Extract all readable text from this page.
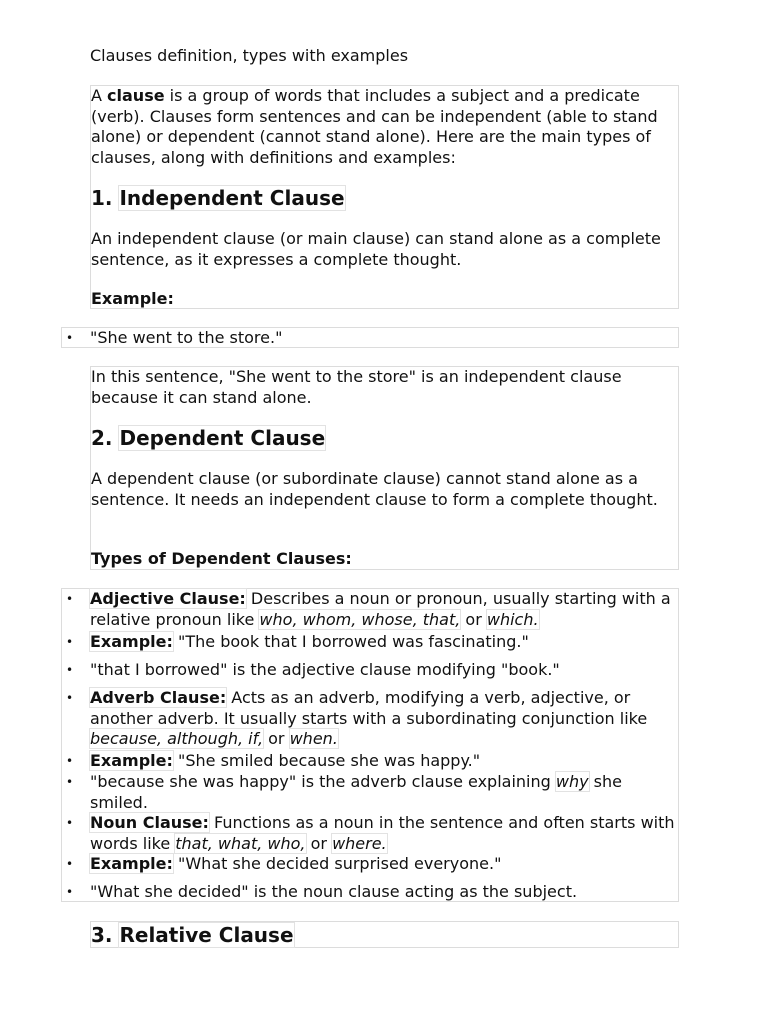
Clauses definition, types with examples

A clause is a group of words that includes a subject and a predicate (verb). Clauses form sentences and can be independent (able to stand alone) or dependent (cannot stand alone). Here are the main types of clauses, along with definitions and examples:

1. Independent Clause

An independent clause (or main clause) can stand alone as a complete sentence, as it expresses a complete thought.

Example:

• "She went to the store."

In this sentence, "She went to the store" is an independent clause because it can stand alone.

2. Dependent Clause

A dependent clause (or subordinate clause) cannot stand alone as a sentence. It needs an independent clause to form a complete thought.

Types of Dependent Clauses:

• Adjective Clause: Describes a noun or pronoun, usually starting with a relative pronoun like who, whom, whose, that, or which.
• Example: "The book that I borrowed was fascinating."
• "that I borrowed" is the adjective clause modifying "book."
• Adverb Clause: Acts as an adverb, modifying a verb, adjective, or another adverb. It usually starts with a subordinating conjunction like because, although, if, or when.
• Example: "She smiled because she was happy."
• "because she was happy" is the adverb clause explaining why she smiled.
• Noun Clause: Functions as a noun in the sentence and often starts with words like that, what, who, or where.
• Example: "What she decided surprised everyone."
• "What she decided" is the noun clause acting as the subject.
3. Relative Clause
